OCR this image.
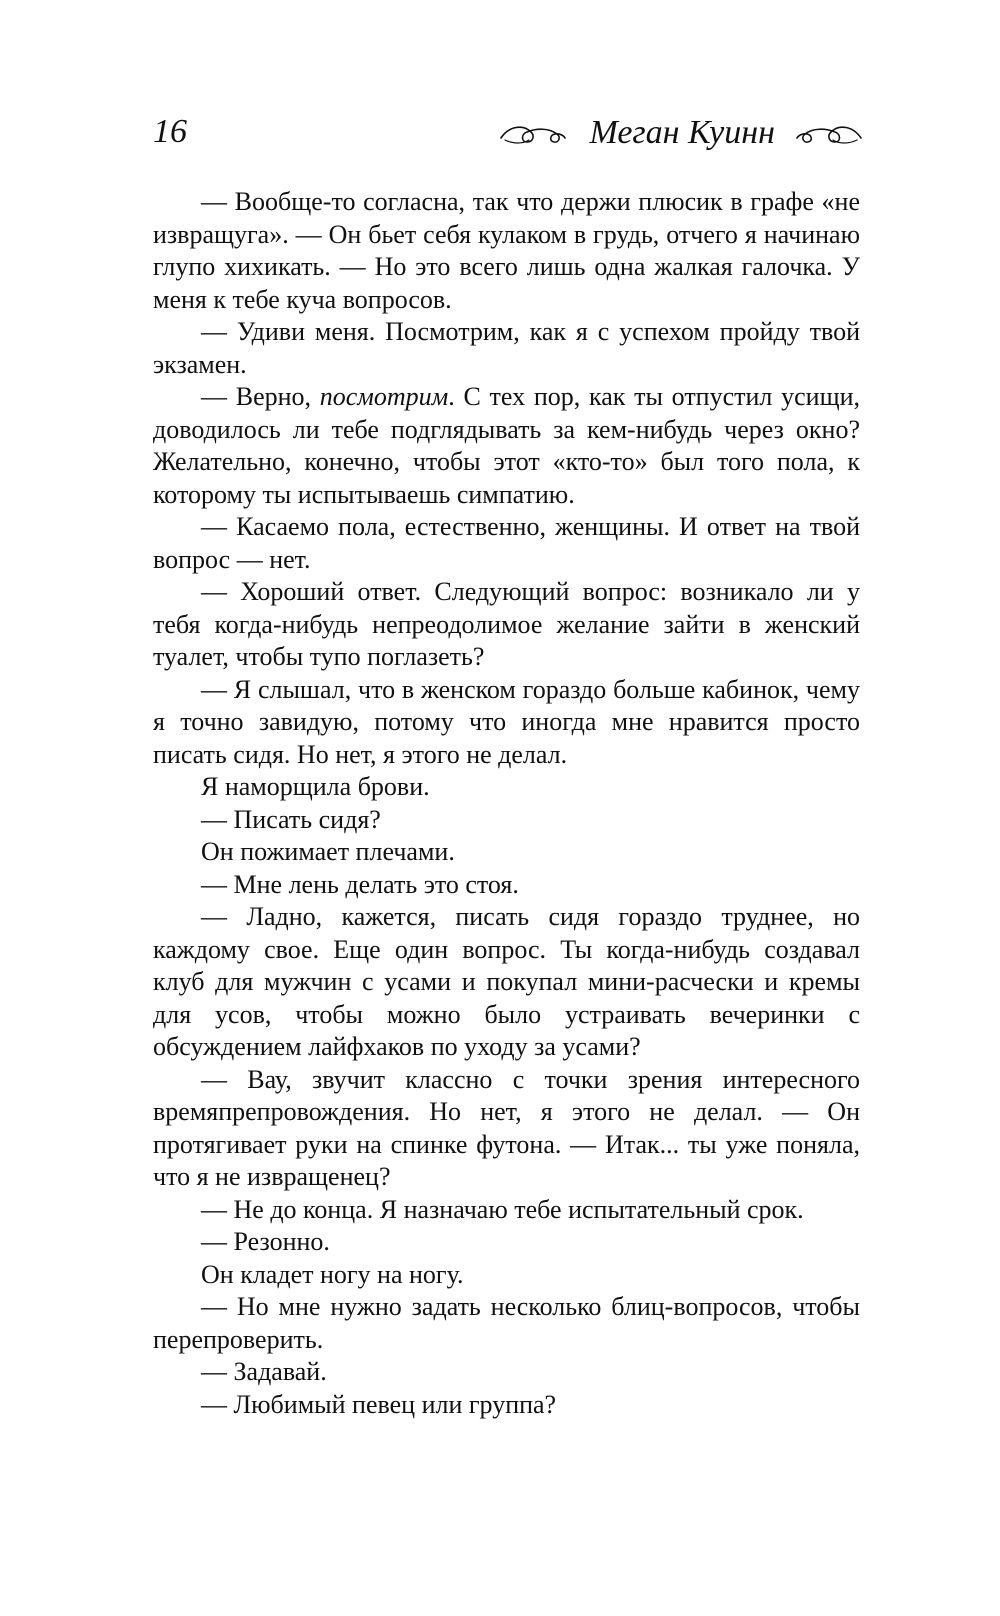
16	Меган Куинн

— Вообще-то согласна, так что держи плюсик в графе «не извращуга». — Он бьет себя кулаком в грудь, отчего я начинаю глупо хихикать. — Но это всего лишь одна жалкая галочка. У меня к тебе куча вопросов.

— Удиви меня. Посмотрим, как я с успехом пройду твой экзамен.

— Верно, посмотрим. С тех пор, как ты отпустил усищи, доводилось ли тебе подглядывать за кем-нибудь через окно? Желательно, конечно, чтобы этот «кто-то» был того пола, к которому ты испытываешь симпатию.

— Касаемо пола, естественно, женщины. И ответ на твой вопрос — нет.

— Хороший ответ. Следующий вопрос: возникало ли у тебя когда-нибудь непреодолимое желание зайти в женский туалет, чтобы тупо поглазеть?

— Я слышал, что в женском гораздо больше кабинок, чему я точно завидую, потому что иногда мне нравится просто писать сидя. Но нет, я этого не делал.

Я наморщила брови.

— Писать сидя?

Он пожимает плечами.

— Мне лень делать это стоя.

— Ладно, кажется, писать сидя гораздо труднее, но каждому свое. Еще один вопрос. Ты когда-нибудь создавал клуб для мужчин с усами и покупал мини-расчески и кремы для усов, чтобы можно было устраивать вечеринки с обсуждением лайфхаков по уходу за усами?

— Вау, звучит классно с точки зрения интересного времяпрепровождения. Но нет, я этого не делал. — Он протягивает руки на спинке футона. — Итак... ты уже поняла, что я не извращенец?

— Не до конца. Я назначаю тебе испытательный срок.

— Резонно.

Он кладет ногу на ногу.

— Но мне нужно задать несколько блиц-вопросов, чтобы перепроверить.

— Задавай.

— Любимый певец или группа?
